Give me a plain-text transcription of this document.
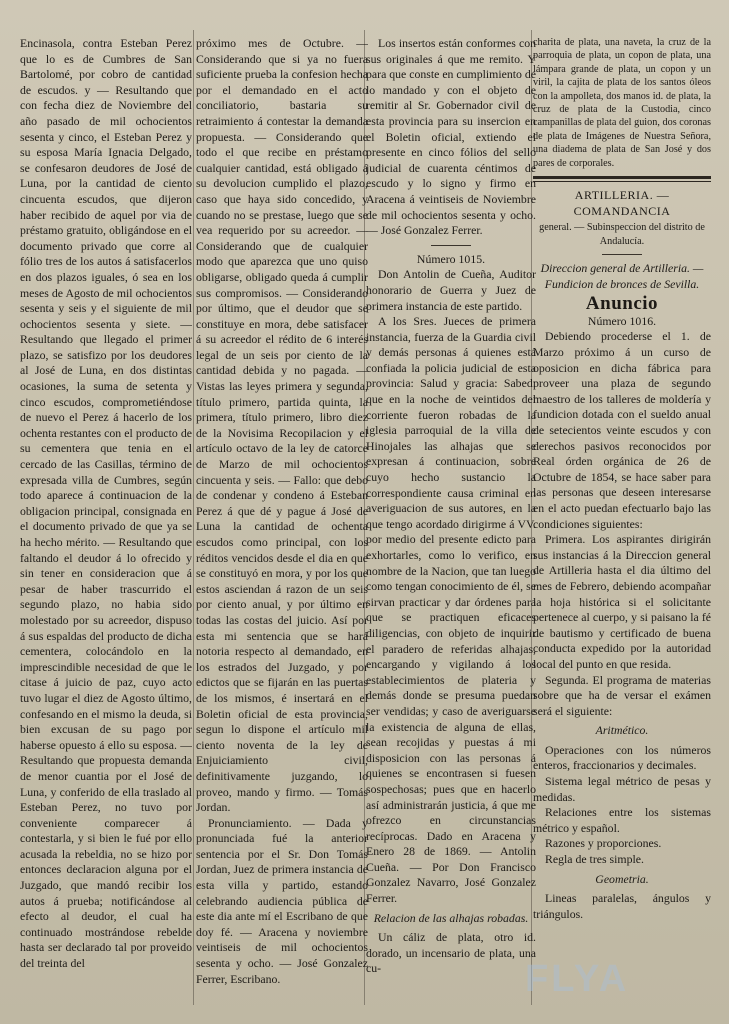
Encinasola, contra Esteban Perez que lo es de Cumbres de San Bartolomé, por cobro de cantidad de escudos. y — Resultando que con fecha diez de Noviembre del año pasado de mil ochocientos sesenta y cinco, el Esteban Perez y su esposa María Ignacia Delgado, se confesaron deudores de José de Luna, por la cantidad de ciento cincuenta escudos, que dijeron haber recibido de aquel por via de préstamo gratuito, obligándose en el documento privado que corre al fólio tres de los autos á satisfacerlos en dos plazos iguales, ó sea en los meses de Agosto de mil ochocientos sesenta y seis y el siguiente de mil ochocientos sesenta y siete. — Resultando que llegado el primer plazo, se satisfizo por los deudores al José de Luna, en dos distintas ocasiones, la suma de setenta y cinco escudos, comprometiéndose de nuevo el Perez á hacerlo de los ochenta restantes con el producto de su cementera que tenia en el cercado de las Casillas, término de expresada villa de Cumbres, según todo aparece á continuacion de la obligacion principal, consignada en el documento privado de que ya se ha hecho mérito. — Resultando que faltando el deudor á lo ofrecido y sin tener en consideracion que á pesar de haber trascurrido el segundo plazo, no habia sido molestado por su acreedor, dispuso á sus espaldas del producto de dicha cementera, colocándolo en la imprescindible necesidad de que le citase á juicio de paz, cuyo acto tuvo lugar el diez de Agosto último, confesando en el mismo la deuda, si bien excusan de su pago por haberse opuesto á ello su esposa. — Resultando que propuesta demanda de menor cuantia por el José de Luna, y conferido de ella traslado al Esteban Perez, no tuvo por conveniente comparecer á contestarla, y si bien le fué por ello acusada la rebeldia, no se hizo por entonces declaracion alguna por el Juzgado, que mandó recibir los autos á prueba; notificándose al efecto al deudor, el cual ha continuado mostrándose rebelde hasta ser declarado tal por proveido del treinta del

próximo mes de Octubre. — Considerando que si ya no fuera suficiente prueba la confesion hecha por el demandado en el acto conciliatorio, bastaria su retraimiento á contestar la demanda propuesta. — Considerando que todo el que recibe en préstamo cualquier cantidad, está obligado á su devolucion cumplido el plazo, caso que haya sido concedido, y cuando no se prestase, luego que se vea requerido por su acreedor. — Considerando que de cualquier modo que aparezca que uno quiso obligarse, obligado queda á cumplir sus compromisos. — Considerando por último, que el deudor que se constituye en mora, debe satisfacer á su acreedor el rédito de 6 interés legal de un seis por ciento de la cantidad debida y no pagada. — Vistas las leyes primera y segunda, título primero, partida quinta, la primera, título primero, libro diez de la Novisima Recopilacion y el artículo octavo de la ley de catorce de Marzo de mil ochocientos cincuenta y seis. — Fallo: que debo de condenar y condeno á Esteban Perez á que dé y pague á José de Luna la cantidad de ochenta escudos como principal, con los réditos vencidos desde el dia en que se constituyó en mora, y por los que estos asciendan á razon de un seis por ciento anual, y por último en todas las costas del juicio. Así por esta mi sentencia que se hará notoria respecto al demandado, en los estrados del Juzgado, y por edictos que se fijarán en las puertas de los mismos, é insertará en el Boletin oficial de esta provincia, segun lo dispone el artículo mil ciento noventa de la ley de Enjuiciamiento civil, definitivamente juzgando, lo proveo, mando y firmo. — Tomás Jordan.

Pronunciamiento. — Dada y pronunciada fué la anterior sentencia por el Sr. Don Tomás Jordan, Juez de primera instancia de esta villa y partido, estando celebrando audiencia pública de este dia ante mí el Escribano de que doy fé. — Aracena y noviembre veintiseis de mil ochocientos sesenta y ocho. — José Gonzalez Ferrer, Escribano.

Los insertos están conformes con sus originales á que me remito. Y para que conste en cumplimiento de lo mandado y con el objeto de remitir al Sr. Gobernador civil de esta provincia para su insercion en el Boletin oficial, extiendo el presente en cinco fólios del sello judicial de cuarenta céntimos de escudo y lo signo y firmo en Aracena á veintiseis de Noviembre de mil ochocientos sesenta y ocho. — José Gonzalez Ferrer.

Número 1015.

Don Antolin de Cueña, Auditor honorario de Guerra y Juez de primera instancia de este partido.

A los Sres. Jueces de primera instancia, fuerza de la Guardia civil y demás personas á quienes está confiada la policia judicial de esta provincia: Salud y gracia: Sabed: que en la noche de veintidos del corriente fueron robadas de la iglesia parroquial de la villa de Hinojales las alhajas que se expresan á continuacion, sobre cuyo hecho sustancio la correspondiente causa criminal en averiguacion de sus autores, en la que tengo acordado dirigirme á VV. por medio del presente edicto para exhortarles, como lo verifico, en nombre de la Nacion, que tan luego como tengan conocimiento de él, se sirvan practicar y dar órdenes para que se practiquen eficaces diligencias, con objeto de inquirir el paradero de referidas alhajas, encargando y vigilando á los establecimientos de plateria y demás donde se presuma puedan ser vendidas; y caso de averiguarse la existencia de alguna de ellas, sean recojidas y puestas á mi disposicion con las personas á quienes se encontrasen si fuesen sospechosas; pues que en hacerlo así administrarán justicia, á que me ofrezco en circunstancias recíprocas. Dado en Aracena y Enero 28 de 1869. — Antolin Cueña. — Por Don Francisco Gonzalez Navarro, José Gonzalez Ferrer.

Relacion de las alhajas robadas.

Un cáliz de plata, otro id. dorado, un incensario de plata, una cu-

charita de plata, una naveta, la cruz de la parroquia de plata, un copon de plata, una lámpara grande de plata, un copon y un viril, la cajita de plata de los santos óleos con la ampolleta, dos manos id. de plata, la cruz de plata de la Custodia, cinco campanillas de plata del guion, dos coronas de plata de Imágenes de Nuestra Señora, una diadema de plata de San José y dos pares de corporales.

ARTILLERIA. — COMANDANCIA

general. — Subinspeccion del distrito de Andalucía.

Direccion general de Artilleria. — Fundicion de bronces de Sevilla.

Anuncio

Número 1016.

Debiendo procederse el 1. de Marzo próximo á un curso de oposicion en dicha fábrica para proveer una plaza de segundo maestro de los talleres de moldería y fundicion dotada con el sueldo anual de setecientos veinte escudos y con derechos pasivos reconocidos por Real órden orgánica de 26 de Octubre de 1854, se hace saber para las personas que deseen interesarse en el acto puedan efectuarlo bajo las condiciones siguientes:

Primera. Los aspirantes dirigirán sus instancias á la Direccion general de Artilleria hasta el dia último del mes de Febrero, debiendo acompañar la hoja histórica si el solicitante pertenece al cuerpo, y si paisano la fé de bautismo y certificado de buena conducta expedido por la autoridad local del punto en que resida.

Segunda. El programa de materias sobre que ha de versar el exámen será el siguiente:

Aritmético.

Operaciones con los números enteros, fraccionarios y decimales.

Sistema legal métrico de pesas y medidas.

Relaciones entre los sistemas métrico y español.

Razones y proporciones.

Regla de tres simple.

Geometria.

Lineas paralelas, ángulos y triángulos.

FLYA
